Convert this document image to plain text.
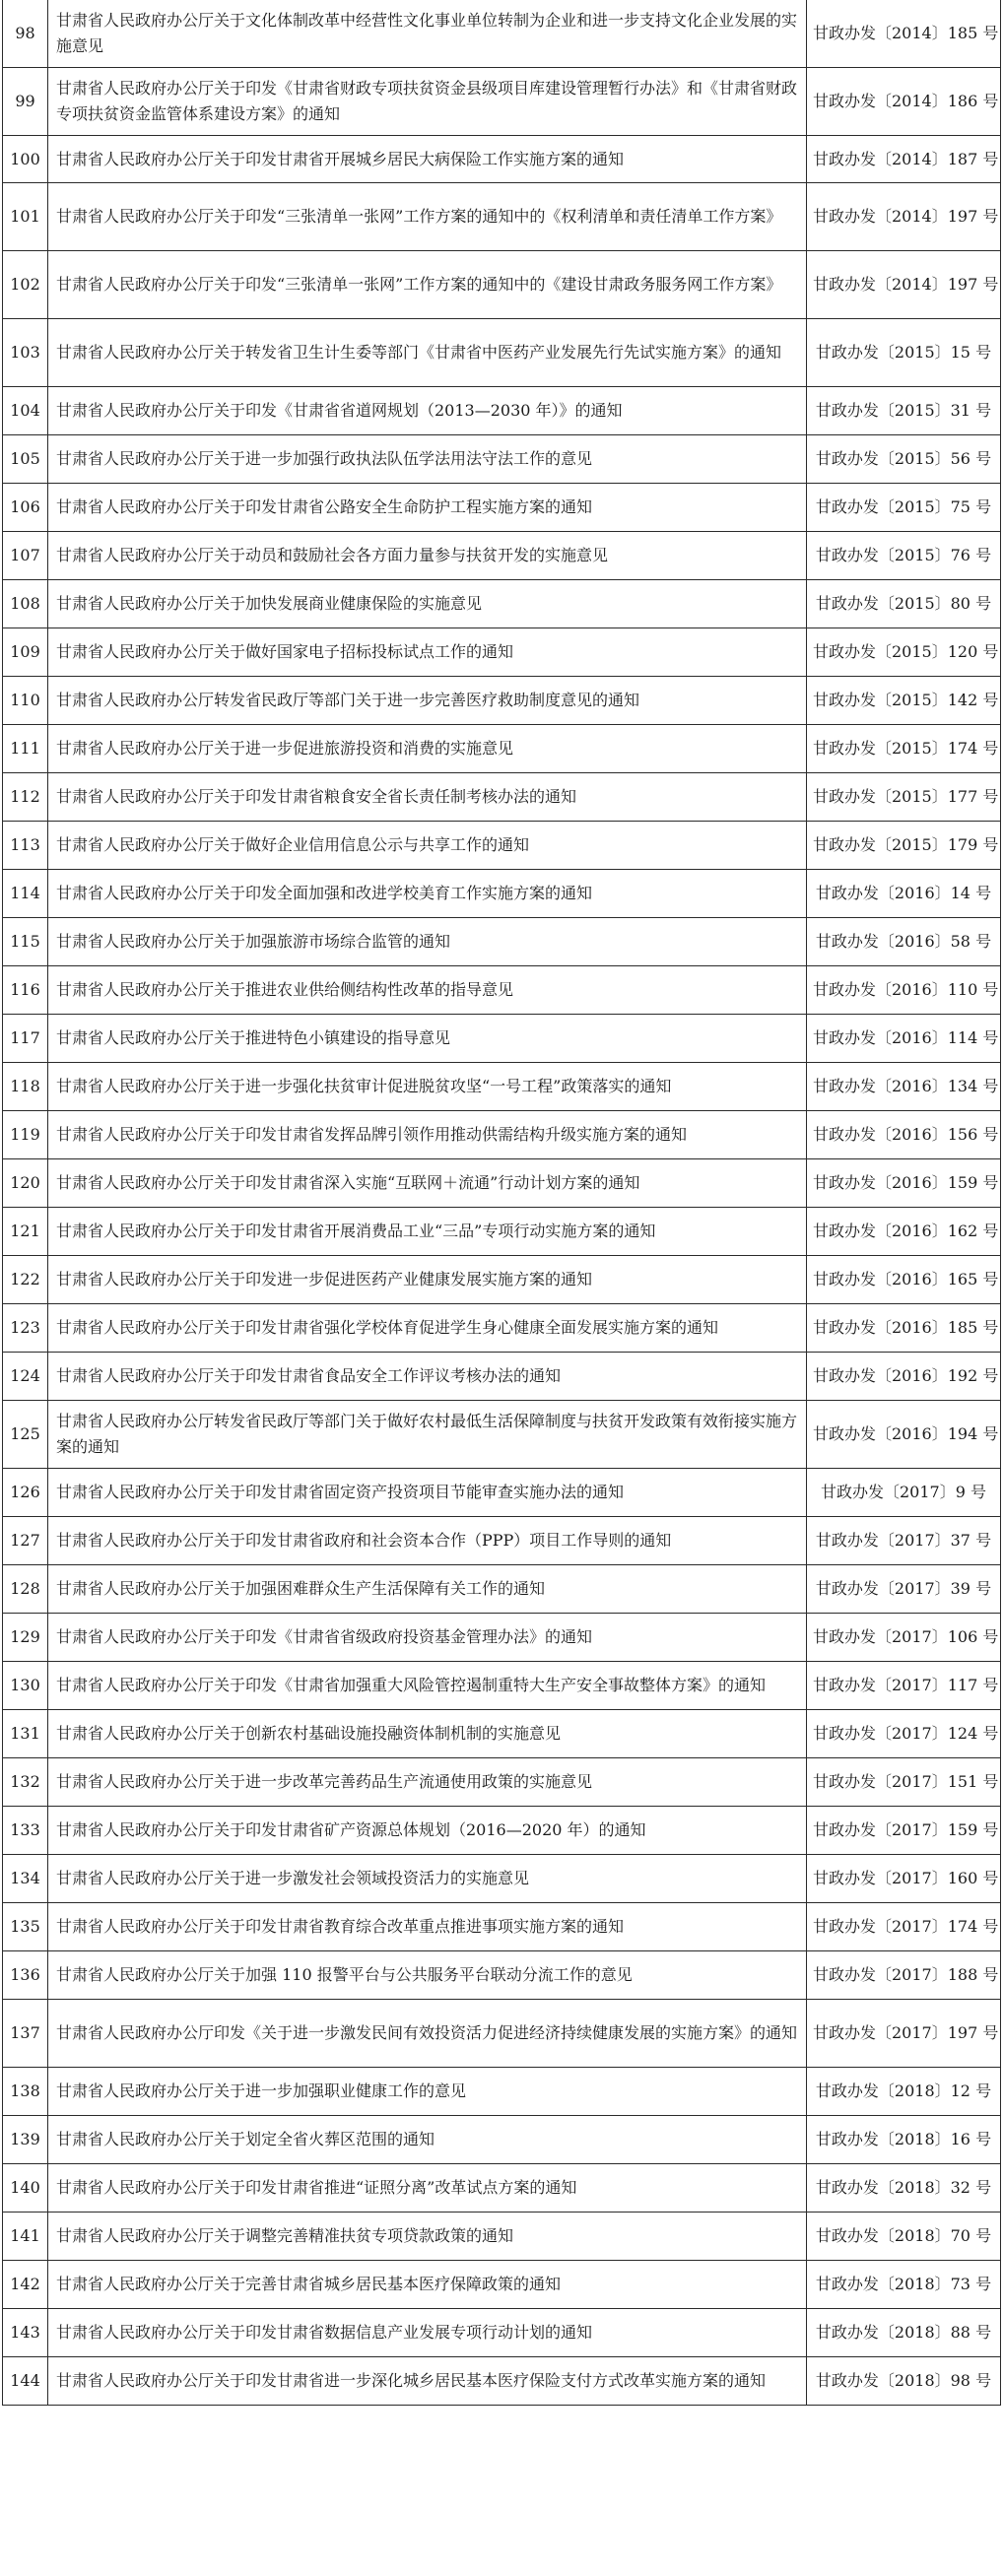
98	甘肃省人民政府办公厅关于文化体制改革中经营性文化事业单位转制为企业和进一步支持文化企业发展的实施意见	甘政办发〔2014〕185 号
99	甘肃省人民政府办公厅关于印发《甘肃省财政专项扶贫资金县级项目库建设管理暂行办法》和《甘肃省财政专项扶贫资金监管体系建设方案》的通知	甘政办发〔2014〕186 号
100	甘肃省人民政府办公厅关于印发甘肃省开展城乡居民大病保险工作实施方案的通知	甘政办发〔2014〕187 号
101	甘肃省人民政府办公厅关于印发“三张清单一张网”工作方案的通知中的《权利清单和责任清单工作方案》	甘政办发〔2014〕197 号
102	甘肃省人民政府办公厅关于印发“三张清单一张网”工作方案的通知中的《建设甘肃政务服务网工作方案》	甘政办发〔2014〕197 号
103	甘肃省人民政府办公厅关于转发省卫生计生委等部门《甘肃省中医药产业发展先行先试实施方案》的通知	甘政办发〔2015〕15 号
104	甘肃省人民政府办公厅关于印发《甘肃省省道网规划（2013—2030 年）》的通知	甘政办发〔2015〕31 号
105	甘肃省人民政府办公厅关于进一步加强行政执法队伍学法用法守法工作的意见	甘政办发〔2015〕56 号
106	甘肃省人民政府办公厅关于印发甘肃省公路安全生命防护工程实施方案的通知	甘政办发〔2015〕75 号
107	甘肃省人民政府办公厅关于动员和鼓励社会各方面力量参与扶贫开发的实施意见	甘政办发〔2015〕76 号
108	甘肃省人民政府办公厅关于加快发展商业健康保险的实施意见	甘政办发〔2015〕80 号
109	甘肃省人民政府办公厅关于做好国家电子招标投标试点工作的通知	甘政办发〔2015〕120 号
110	甘肃省人民政府办公厅转发省民政厅等部门关于进一步完善医疗救助制度意见的通知	甘政办发〔2015〕142 号
111	甘肃省人民政府办公厅关于进一步促进旅游投资和消费的实施意见	甘政办发〔2015〕174 号
112	甘肃省人民政府办公厅关于印发甘肃省粮食安全省长责任制考核办法的通知	甘政办发〔2015〕177 号
113	甘肃省人民政府办公厅关于做好企业信用信息公示与共享工作的通知	甘政办发〔2015〕179 号
114	甘肃省人民政府办公厅关于印发全面加强和改进学校美育工作实施方案的通知	甘政办发〔2016〕14 号
115	甘肃省人民政府办公厅关于加强旅游市场综合监管的通知	甘政办发〔2016〕58 号
116	甘肃省人民政府办公厅关于推进农业供给侧结构性改革的指导意见	甘政办发〔2016〕110 号
117	甘肃省人民政府办公厅关于推进特色小镇建设的指导意见	甘政办发〔2016〕114 号
118	甘肃省人民政府办公厅关于进一步强化扶贫审计促进脱贫攻坚“一号工程”政策落实的通知	甘政办发〔2016〕134 号
119	甘肃省人民政府办公厅关于印发甘肃省发挥品牌引领作用推动供需结构升级实施方案的通知	甘政办发〔2016〕156 号
120	甘肃省人民政府办公厅关于印发甘肃省深入实施“互联网＋流通”行动计划方案的通知	甘政办发〔2016〕159 号
121	甘肃省人民政府办公厅关于印发甘肃省开展消费品工业“三品”专项行动实施方案的通知	甘政办发〔2016〕162 号
122	甘肃省人民政府办公厅关于印发进一步促进医药产业健康发展实施方案的通知	甘政办发〔2016〕165 号
123	甘肃省人民政府办公厅关于印发甘肃省强化学校体育促进学生身心健康全面发展实施方案的通知	甘政办发〔2016〕185 号
124	甘肃省人民政府办公厅关于印发甘肃省食品安全工作评议考核办法的通知	甘政办发〔2016〕192 号
125	甘肃省人民政府办公厅转发省民政厅等部门关于做好农村最低生活保障制度与扶贫开发政策有效衔接实施方案的通知	甘政办发〔2016〕194 号
126	甘肃省人民政府办公厅关于印发甘肃省固定资产投资项目节能审查实施办法的通知	甘政办发〔2017〕9 号
127	甘肃省人民政府办公厅关于印发甘肃省政府和社会资本合作（PPP）项目工作导则的通知	甘政办发〔2017〕37 号
128	甘肃省人民政府办公厅关于加强困难群众生产生活保障有关工作的通知	甘政办发〔2017〕39 号
129	甘肃省人民政府办公厅关于印发《甘肃省省级政府投资基金管理办法》的通知	甘政办发〔2017〕106 号
130	甘肃省人民政府办公厅关于印发《甘肃省加强重大风险管控遏制重特大生产安全事故整体方案》的通知	甘政办发〔2017〕117 号
131	甘肃省人民政府办公厅关于创新农村基础设施投融资体制机制的实施意见	甘政办发〔2017〕124 号
132	甘肃省人民政府办公厅关于进一步改革完善药品生产流通使用政策的实施意见	甘政办发〔2017〕151 号
133	甘肃省人民政府办公厅关于印发甘肃省矿产资源总体规划（2016—2020 年）的通知	甘政办发〔2017〕159 号
134	甘肃省人民政府办公厅关于进一步激发社会领域投资活力的实施意见	甘政办发〔2017〕160 号
135	甘肃省人民政府办公厅关于印发甘肃省教育综合改革重点推进事项实施方案的通知	甘政办发〔2017〕174 号
136	甘肃省人民政府办公厅关于加强 110 报警平台与公共服务平台联动分流工作的意见	甘政办发〔2017〕188 号
137	甘肃省人民政府办公厅印发《关于进一步激发民间有效投资活力促进经济持续健康发展的实施方案》的通知	甘政办发〔2017〕197 号
138	甘肃省人民政府办公厅关于进一步加强职业健康工作的意见	甘政办发〔2018〕12 号
139	甘肃省人民政府办公厅关于划定全省火葬区范围的通知	甘政办发〔2018〕16 号
140	甘肃省人民政府办公厅关于印发甘肃省推进“证照分离”改革试点方案的通知	甘政办发〔2018〕32 号
141	甘肃省人民政府办公厅关于调整完善精准扶贫专项贷款政策的通知	甘政办发〔2018〕70 号
142	甘肃省人民政府办公厅关于完善甘肃省城乡居民基本医疗保障政策的通知	甘政办发〔2018〕73 号
143	甘肃省人民政府办公厅关于印发甘肃省数据信息产业发展专项行动计划的通知	甘政办发〔2018〕88 号
144	甘肃省人民政府办公厅关于印发甘肃省进一步深化城乡居民基本医疗保险支付方式改革实施方案的通知	甘政办发〔2018〕98 号
